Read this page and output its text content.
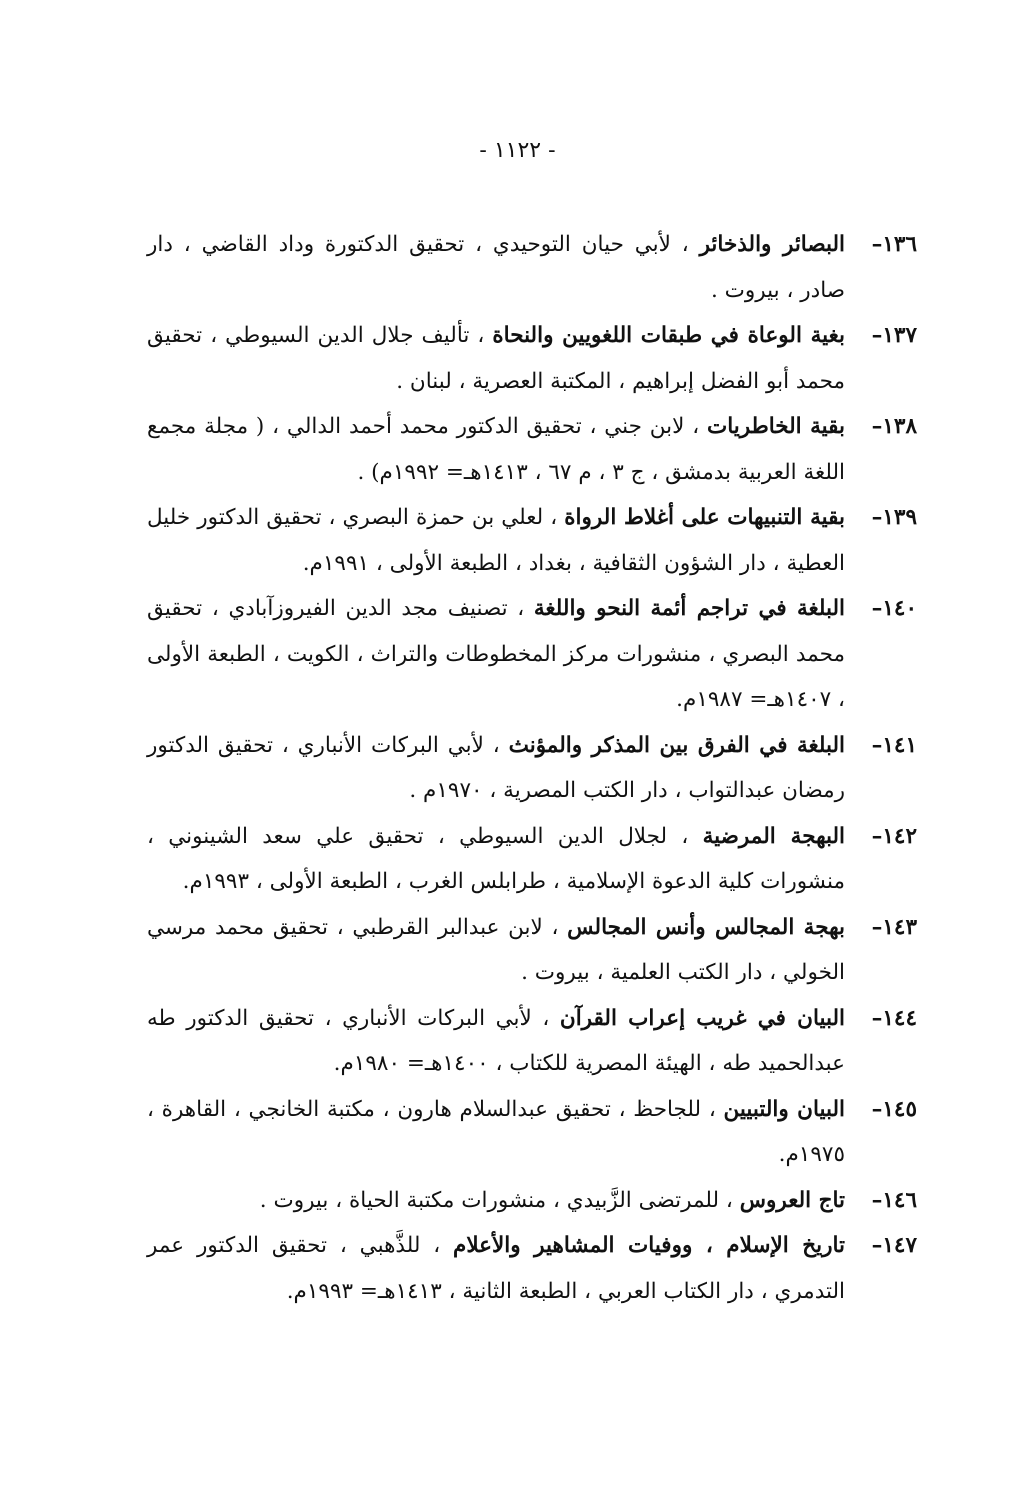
- ١١٢٢ -
١٣٦–
البصائر والذخائر ، لأبي حيان التوحيدي ، تحقيق الدكتورة وداد القاضي ، دار صادر ، بيروت .
١٣٧–
بغية الوعاة في طبقات اللغويين والنحاة ، تأليف جلال الدين السيوطي ، تحقيق محمد أبو الفضل إبراهيم ، المكتبة العصرية ، لبنان .
١٣٨–
بقية الخاطريات ، لابن جني ، تحقيق الدكتور محمد أحمد الدالي ، ( مجلة مجمع اللغة العربية بدمشق ، ج ٣ ، م ٦٧ ، ١٤١٣هـ= ١٩٩٢م) .
١٣٩–
بقية التنبيهات على أغلاط الرواة ، لعلي بن حمزة البصري ، تحقيق الدكتور خليل العطية ، دار الشؤون الثقافية ، بغداد ، الطبعة الأولى ، ١٩٩١م.
١٤٠–
البلغة في تراجم أئمة النحو واللغة ، تصنيف مجد الدين الفيروزآبادي ، تحقيق محمد البصري ، منشورات مركز المخطوطات والتراث ، الكويت ، الطبعة الأولى ، ١٤٠٧هـ= ١٩٨٧م.
١٤١–
البلغة في الفرق بين المذكر والمؤنث ، لأبي البركات الأنباري ، تحقيق الدكتور رمضان عبدالتواب ، دار الكتب المصرية ، ١٩٧٠م .
١٤٢–
البهجة المرضية ، لجلال الدين السيوطي ، تحقيق علي سعد الشينوني ، منشورات كلية الدعوة الإسلامية ، طرابلس الغرب ، الطبعة الأولى ، ١٩٩٣م.
١٤٣–
بهجة المجالس وأنس المجالس ، لابن عبدالبر القرطبي ، تحقيق محمد مرسي الخولي ، دار الكتب العلمية ، بيروت .
١٤٤–
البيان في غريب إعراب القرآن ، لأبي البركات الأنباري ، تحقيق الدكتور طه عبدالحميد طه ، الهيئة المصرية للكتاب ، ١٤٠٠هـ= ١٩٨٠م.
١٤٥–
البيان والتبيين ، للجاحظ ، تحقيق عبدالسلام هارون ، مكتبة الخانجي ، القاهرة ، ١٩٧٥م.
١٤٦–
تاج العروس ، للمرتضى الزَّبيدي ، منشورات مكتبة الحياة ، بيروت .
١٤٧–
تاريخ الإسلام ، ووفيات المشاهير والأعلام ، للذَّهبي ، تحقيق الدكتور عمر التدمري ، دار الكتاب العربي ، الطبعة الثانية ، ١٤١٣هـ= ١٩٩٣م.
